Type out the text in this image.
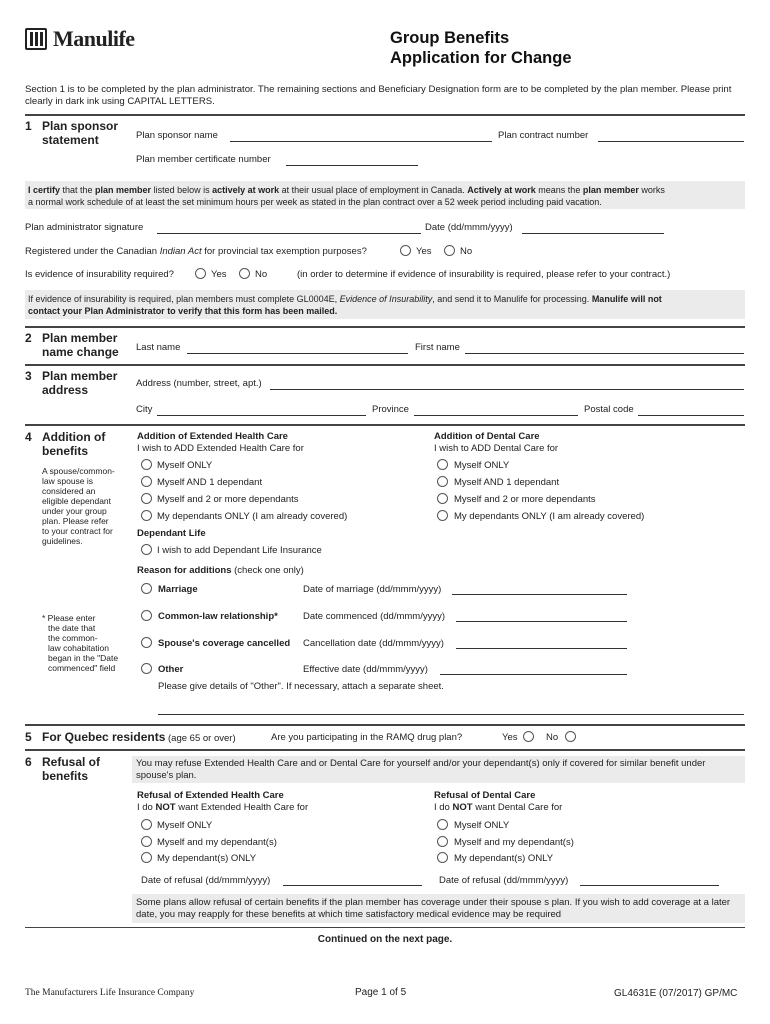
Manulife	Group Benefits
Application for Change
Section 1 is to be completed by the plan administrator. The remaining sections and Beneficiary Designation form are to be completed by the plan member. Please print clearly in dark ink using CAPITAL LETTERS.
1 Plan sponsor
statement	Plan sponsor name	Plan contract number
Plan member certificate number
I certify that the plan member listed below is actively at work at their usual place of employment in Canada. Actively at work means the plan member works
a normal work schedule of at least the set minimum hours per week as stated in the plan contract over a 52 week period including paid vacation.
Plan administrator signature	Date (dd/mmm/yyyy)
Registered under the Canadian Indian Act for provincial tax exemption purposes?	Yes	No
Is evidence of insurability required?	Yes	No	(in order to determine if evidence of insurability is required, please refer to your contract.)
If evidence of insurability is required, plan members must complete GL0004E, Evidence of Insurability, and send it to Manulife for processing. Manulife will not
contact your Plan Administrator to verify that this form has been mailed.
2 Plan member
name change Last name	First name
3 Plan member
address	Address (number, street, apt.)
City	Province	Postal code
4 Addition of
benefits
A spouse/common-
law spouse is
considered an
eligible dependant
under your group
plan. Please refer
to your contract for
guidelines.
Addition of Extended Health Care
I wish to ADD Extended Health Care for
Addition of Dental Care
I wish to ADD Dental Care for
Myself ONLY
Myself AND 1 dependant
Myself and 2 or more dependants
My dependants ONLY (I am already covered)
Myself ONLY
Myself AND 1 dependant
Myself and 2 or more dependants
My dependants ONLY (I am already covered)
Dependant Life
I wish to add Dependant Life Insurance
Reason for additions (check one only)
Marriage	Date of marriage (dd/mmm/yyyy)
Common-law relationship*	Date commenced (dd/mmm/yyyy)
Spouse's coverage cancelled Cancellation date (dd/mmm/yyyy)
Other	Effective date (dd/mmm/yyyy)
Please give details of "Other". If necessary, attach a separate sheet.
* Please enter
the date that
the common-
law cohabitation
began in the "Date
commenced" field
5 For Quebec residents (age 65 or over)	Are you participating in the RAMQ drug plan?	Yes	No
6 Refusal of
benefits
You may refuse Extended Health Care and or Dental Care for yourself and/or your dependant(s) only if covered for similar benefit under spouse's plan.
Refusal of Extended Health Care
I do NOT want Extended Health Care for
Refusal of Dental Care
I do NOT want Dental Care for
Myself ONLY
Myself and my dependant(s)
My dependant(s) ONLY
Myself ONLY
Myself and my dependant(s)
My dependant(s) ONLY
Date of refusal (dd/mmm/yyyy)	Date of refusal (dd/mmm/yyyy)
Some plans allow refusal of certain benefits if the plan member has coverage under their spouse s plan. If you wish to add coverage at a later date, you may reapply for these benefits at which time satisfactory medical evidence may be required
Continued on the next page.
The Manufacturers Life Insurance Company	Page 1 of 5	GL4631E (07/2017) GP/MC
